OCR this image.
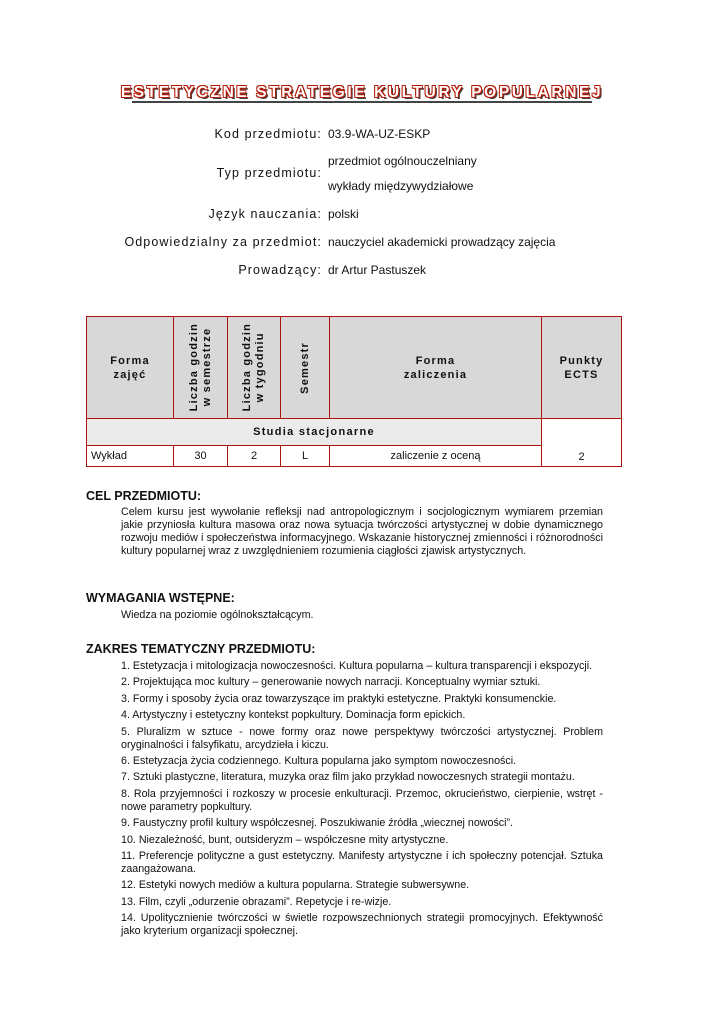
ESTETYCZNE STRATEGIE KULTURY POPULARNEJ
Kod przedmiotu: 03.9-WA-UZ-ESKP
Typ przedmiotu:
przedmiot ogólnouczelniany
wykłady międzywydziałowe
Język nauczania: polski
Odpowiedzialny za przedmiot: nauczyciel akademicki prowadzący zajęcia
Prowadzący: dr Artur Pastuszek
Forma
zajęć	Liczba godzin
w semestrze	Liczba godzin
w tygodniu	Semestr	Forma
zaliczenia	Punkty
ECTS
Studia stacjonarne					2
Wykład	30	2	L	zaliczenie z oceną	
CEL PRZEDMIOTU:
Celem kursu jest wywołanie refleksji nad antropologicznym i socjologicznym wymiarem przemian jakie przyniosła kultura masowa oraz nowa sytuacja twórczości artystycznej w dobie dynamicznego rozwoju mediów i społeczeństwa informacyjnego. Wskazanie historycznej zmienności i różnorodności kultury popularnej wraz z uwzględnieniem rozumienia ciągłości zjawisk artystycznych.
WYMAGANIA WSTĘPNE:
Wiedza na poziomie ogólnokształcącym.
ZAKRES TEMATYCZNY PRZEDMIOTU:
1. Estetyzacja i mitologizacja nowoczesności. Kultura popularna – kultura transparencji i ekspozycji.
2. Projektująca moc kultury – generowanie nowych narracji. Konceptualny wymiar sztuki.
3. Formy i sposoby życia oraz towarzyszące im praktyki estetyczne. Praktyki konsumenckie.
4. Artystyczny i estetyczny kontekst popkultury. Dominacja form epickich.
5. Pluralizm w sztuce - nowe formy oraz nowe perspektywy twórczości artystycznej. Problem oryginalności i falsyfikatu, arcydzieła i kiczu.
6. Estetyzacja życia codziennego. Kultura popularna jako symptom nowoczesności.
7. Sztuki plastyczne, literatura, muzyka oraz film jako przykład nowoczesnych strategii montażu.
8. Rola przyjemności i rozkoszy w procesie enkulturacji. Przemoc, okrucieństwo, cierpienie, wstręt - nowe parametry popkultury.
9. Faustyczny profil kultury współczesnej. Poszukiwanie źródła „wiecznej nowości”.
10. Niezależność, bunt, outsideryzm – współczesne mity artystyczne.
11. Preferencje polityczne a gust estetyczny. Manifesty artystyczne i ich społeczny potencjał. Sztuka zaangażowana.
12. Estetyki nowych mediów a kultura popularna. Strategie subwersywne.
13. Film, czyli „odurzenie obrazami”. Repetycje i re-wizje.
14. Upolitycznienie twórczości w świetle rozpowszechnionych strategii promocyjnych. Efektywność jako kryterium organizacji społecznej.
